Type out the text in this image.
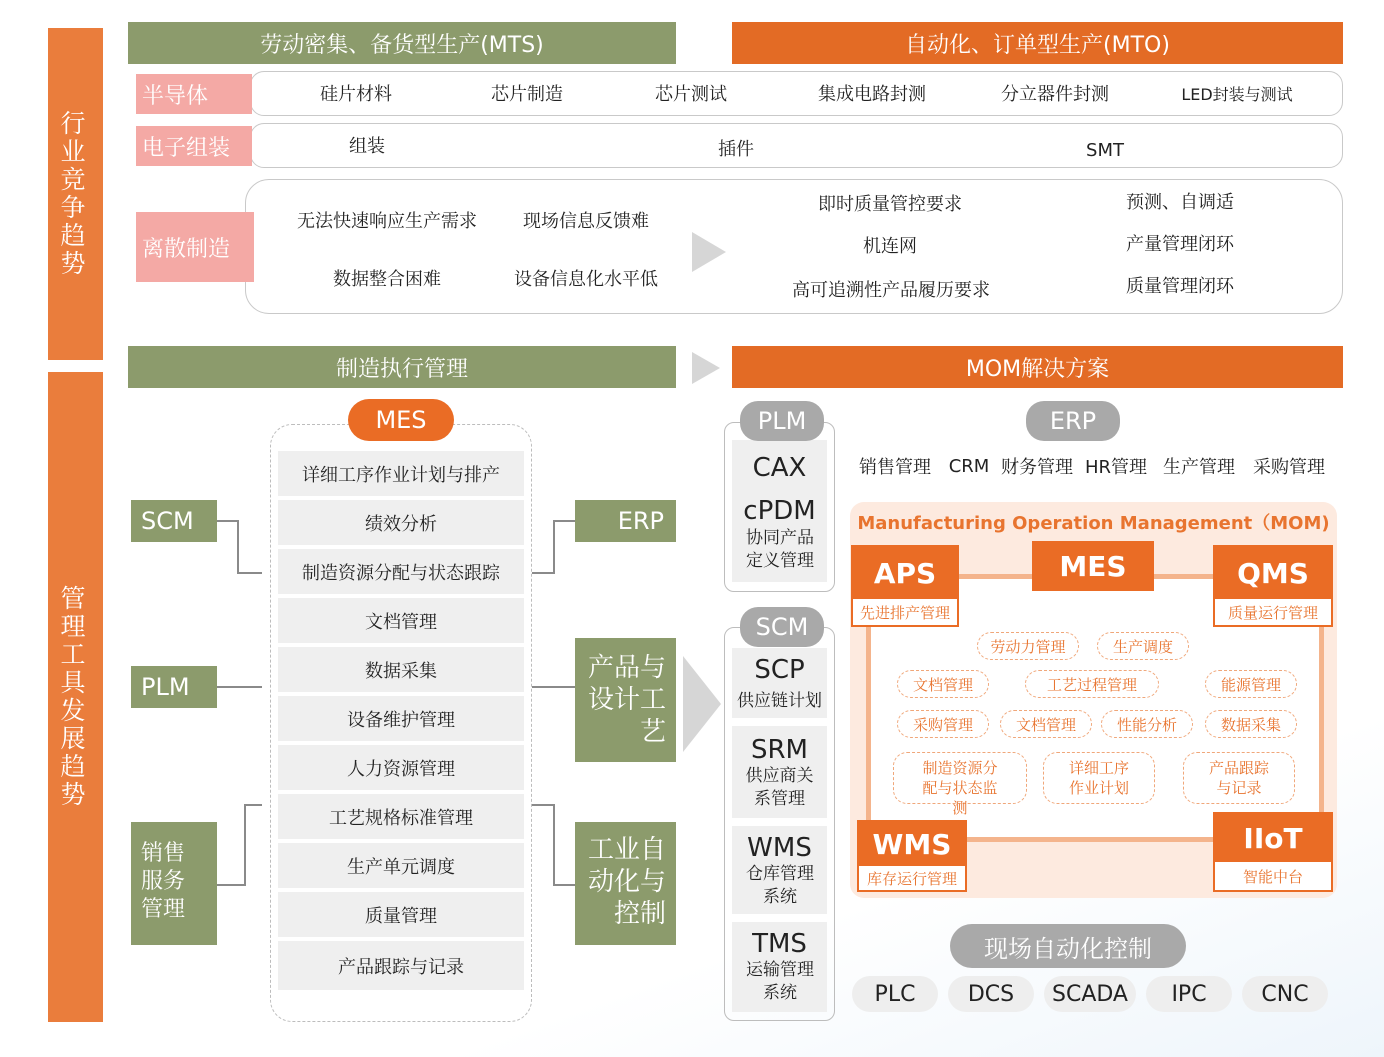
行业竞争趋势
管理工具发展趋势
劳动密集、备货型生产(MTS)	自动化、订单型生产(MTO)
半导体	硅片材料	芯片制造	芯片测试	集成电路封测	分立器件封测	LED封装与测试
电子组装	组装	插件	SMT
离散制造
无法快速响应生产需求	现场信息反馈难
数据整合困难	设备信息化水平低
即时质量管控要求
机连网
高可追溯性产品履历要求
预测、自调适
产量管理闭环
质量管理闭环
制造执行管理	MOM解决方案
MES
详细工序作业计划与排产
绩效分析
制造资源分配与状态跟踪
文档管理
数据采集
设备维护管理
人力资源管理
工艺规格标准管理
生产单元调度
质量管理
产品跟踪与记录
SCM
PLM
销售服务管理
ERP
产品与设计工艺
工业自动化与控制
PLM
CAX
cPDM
协同产品定义管理
SCM
SCP
供应链计划
SRM
供应商关系管理
WMS
仓库管理系统
TMS
运输管理系统
ERP
销售管理 CRM 财务管理 HR管理 生产管理	采购管理
Manufacturing Operation Management（MOM)
APS
先进排产管理
MES	QMS
质量运行管理
WMS
库存运行管理
IIoT
智能中台
劳动力管理	生产调度
文档管理	工艺过程管理	能源管理
采购管理	文档管理	性能分析	数据采集
制造资源分配与状态监测
详细工序作业计划
产品跟踪与记录
现场自动化控制
PLC	DCS	SCADA	IPC	CNC
